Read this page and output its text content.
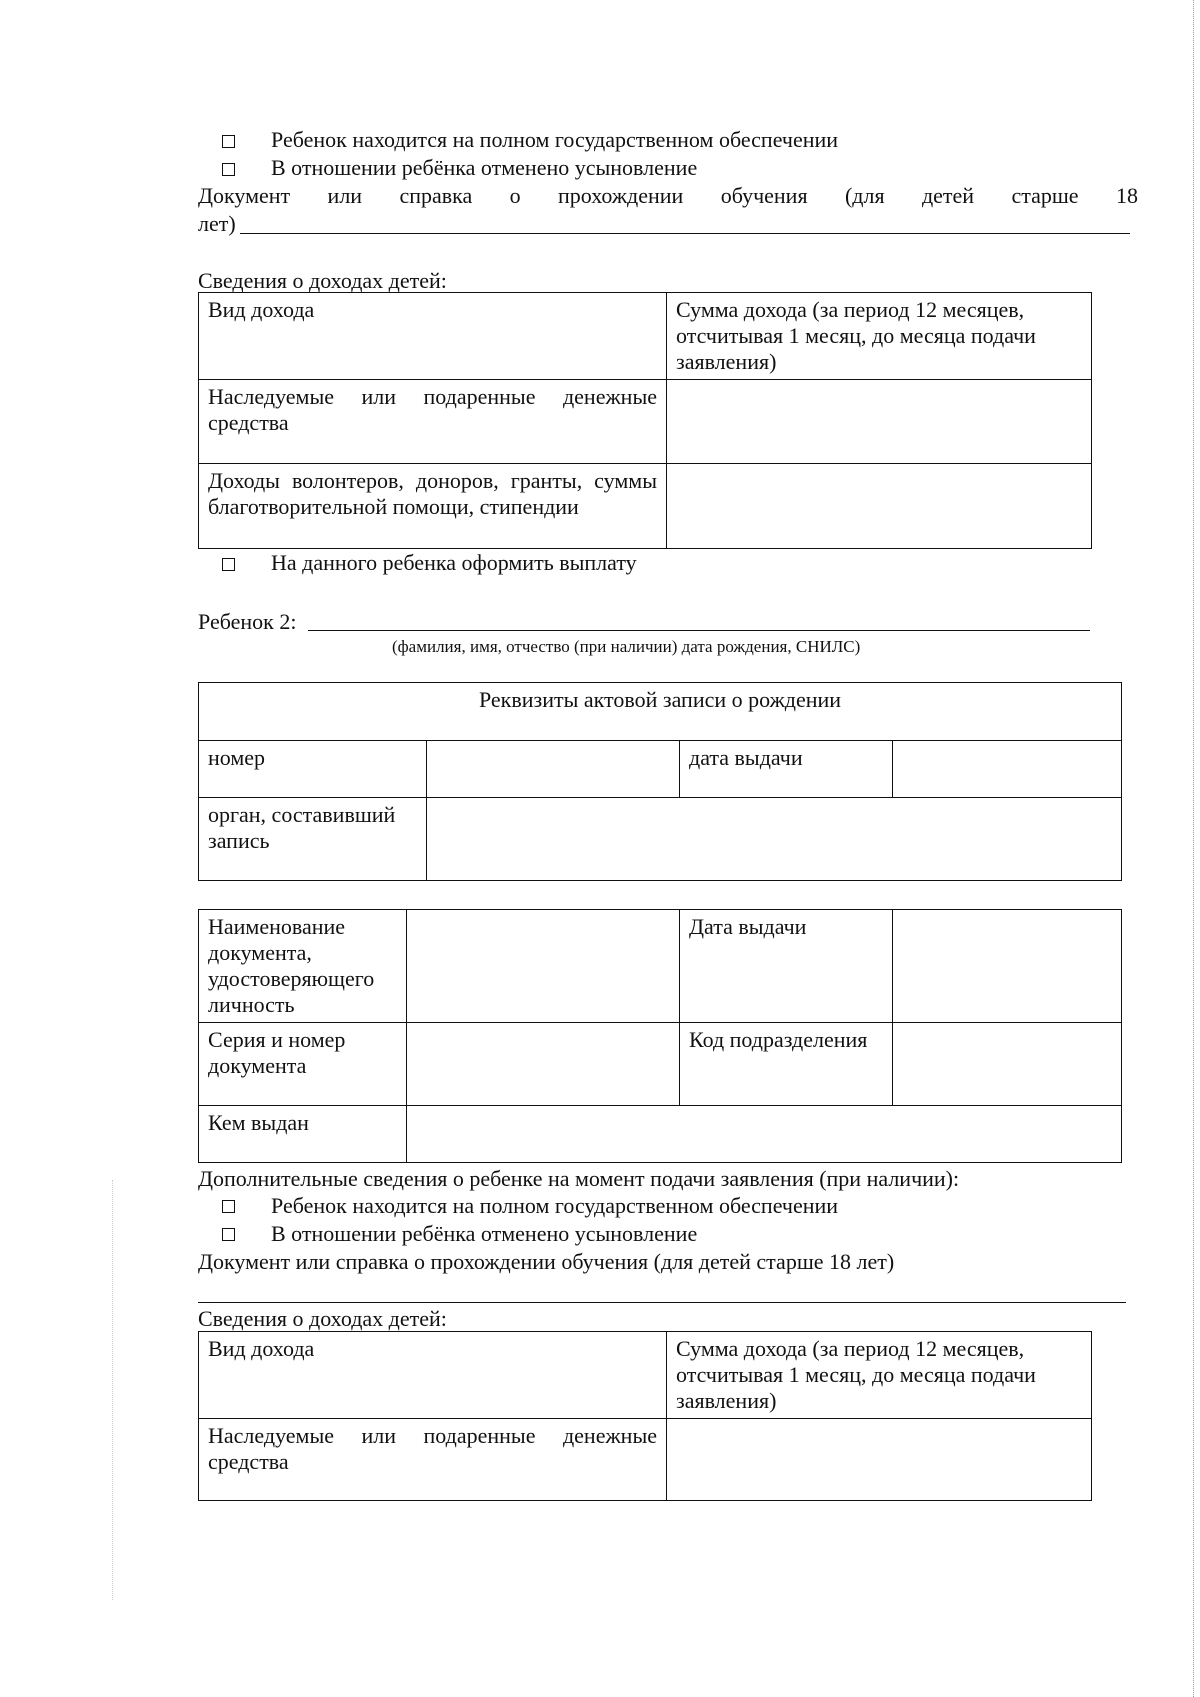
Ребенок находится на полном государственном обеспечении
В отношении ребёнка отменено усыновление
Документ или справка о прохождении обучения (для детей старше 18
лет)
Сведения о доходах детей:
Вид дохода	Сумма дохода (за период 12 месяцев, отсчитывая 1 месяц, до месяца подачи заявления)
Наследуемые или подаренные денежные средства	
Доходы волонтеров, доноров, гранты, суммы благотворительной помощи, стипендии	
На данного ребенка оформить выплату
Ребенок 2:
(фамилия, имя, отчество (при наличии) дата рождения, СНИЛС)
Реквизиты актовой записи о рождении			
номер		дата выдачи	
орган, составивший запись			
Наименование документа, удостоверяющего личность		Дата выдачи	
Серия и номер документа		Код подразделения	
Кем выдан			
Дополнительные сведения о ребенке на момент подачи заявления (при наличии):
Ребенок находится на полном государственном обеспечении
В отношении ребёнка отменено усыновление
Документ или справка о прохождении обучения (для детей старше 18 лет)
Сведения о доходах детей:
Вид дохода	Сумма дохода (за период 12 месяцев, отсчитывая 1 месяц, до месяца подачи заявления)
Наследуемые или подаренные денежные средства	
